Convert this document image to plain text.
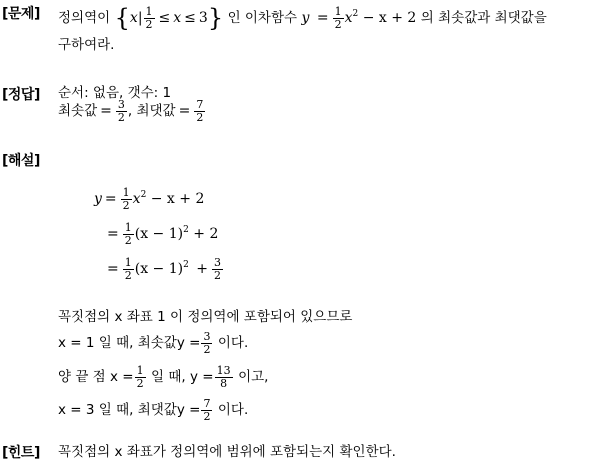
[문제] 정의역이 $\{x| \frac{1}{2} \le x \le 3\}$ 인 이차함수 $y = \frac{1}{2} x^2 - x + 2$ 의 최솟값과 최댓값을
구하여라.
[정답] 순서: 없음, 갯수: 1
최솟값 = $\frac{3}{2}$ , 최댓값 = $\frac{7}{2}$
[해설]
$y = \frac{1}{2} x^2 - x + 2$
= $\frac{1}{2} (x - 1)^2 + 2$
= $\frac{1}{2} (x - 1)^2 + \frac{3}{2}$
꼭짓점의 x 좌표 1 이 정의역에 포함되어 있으므로
x = 1 일 때, 최솟값$y = \frac{3}{2}$ 이다.
양 끝 점 $x = \frac{1}{2}$ 일 때, $y = \frac{13}{8}$ 이고,
x = 3 일 때, 최댓값$y = \frac{7}{2}$ 이다.
[힌트] 꼭짓점의 x 좌표가 정의역에 범위에 포함되는지 확인한다.
